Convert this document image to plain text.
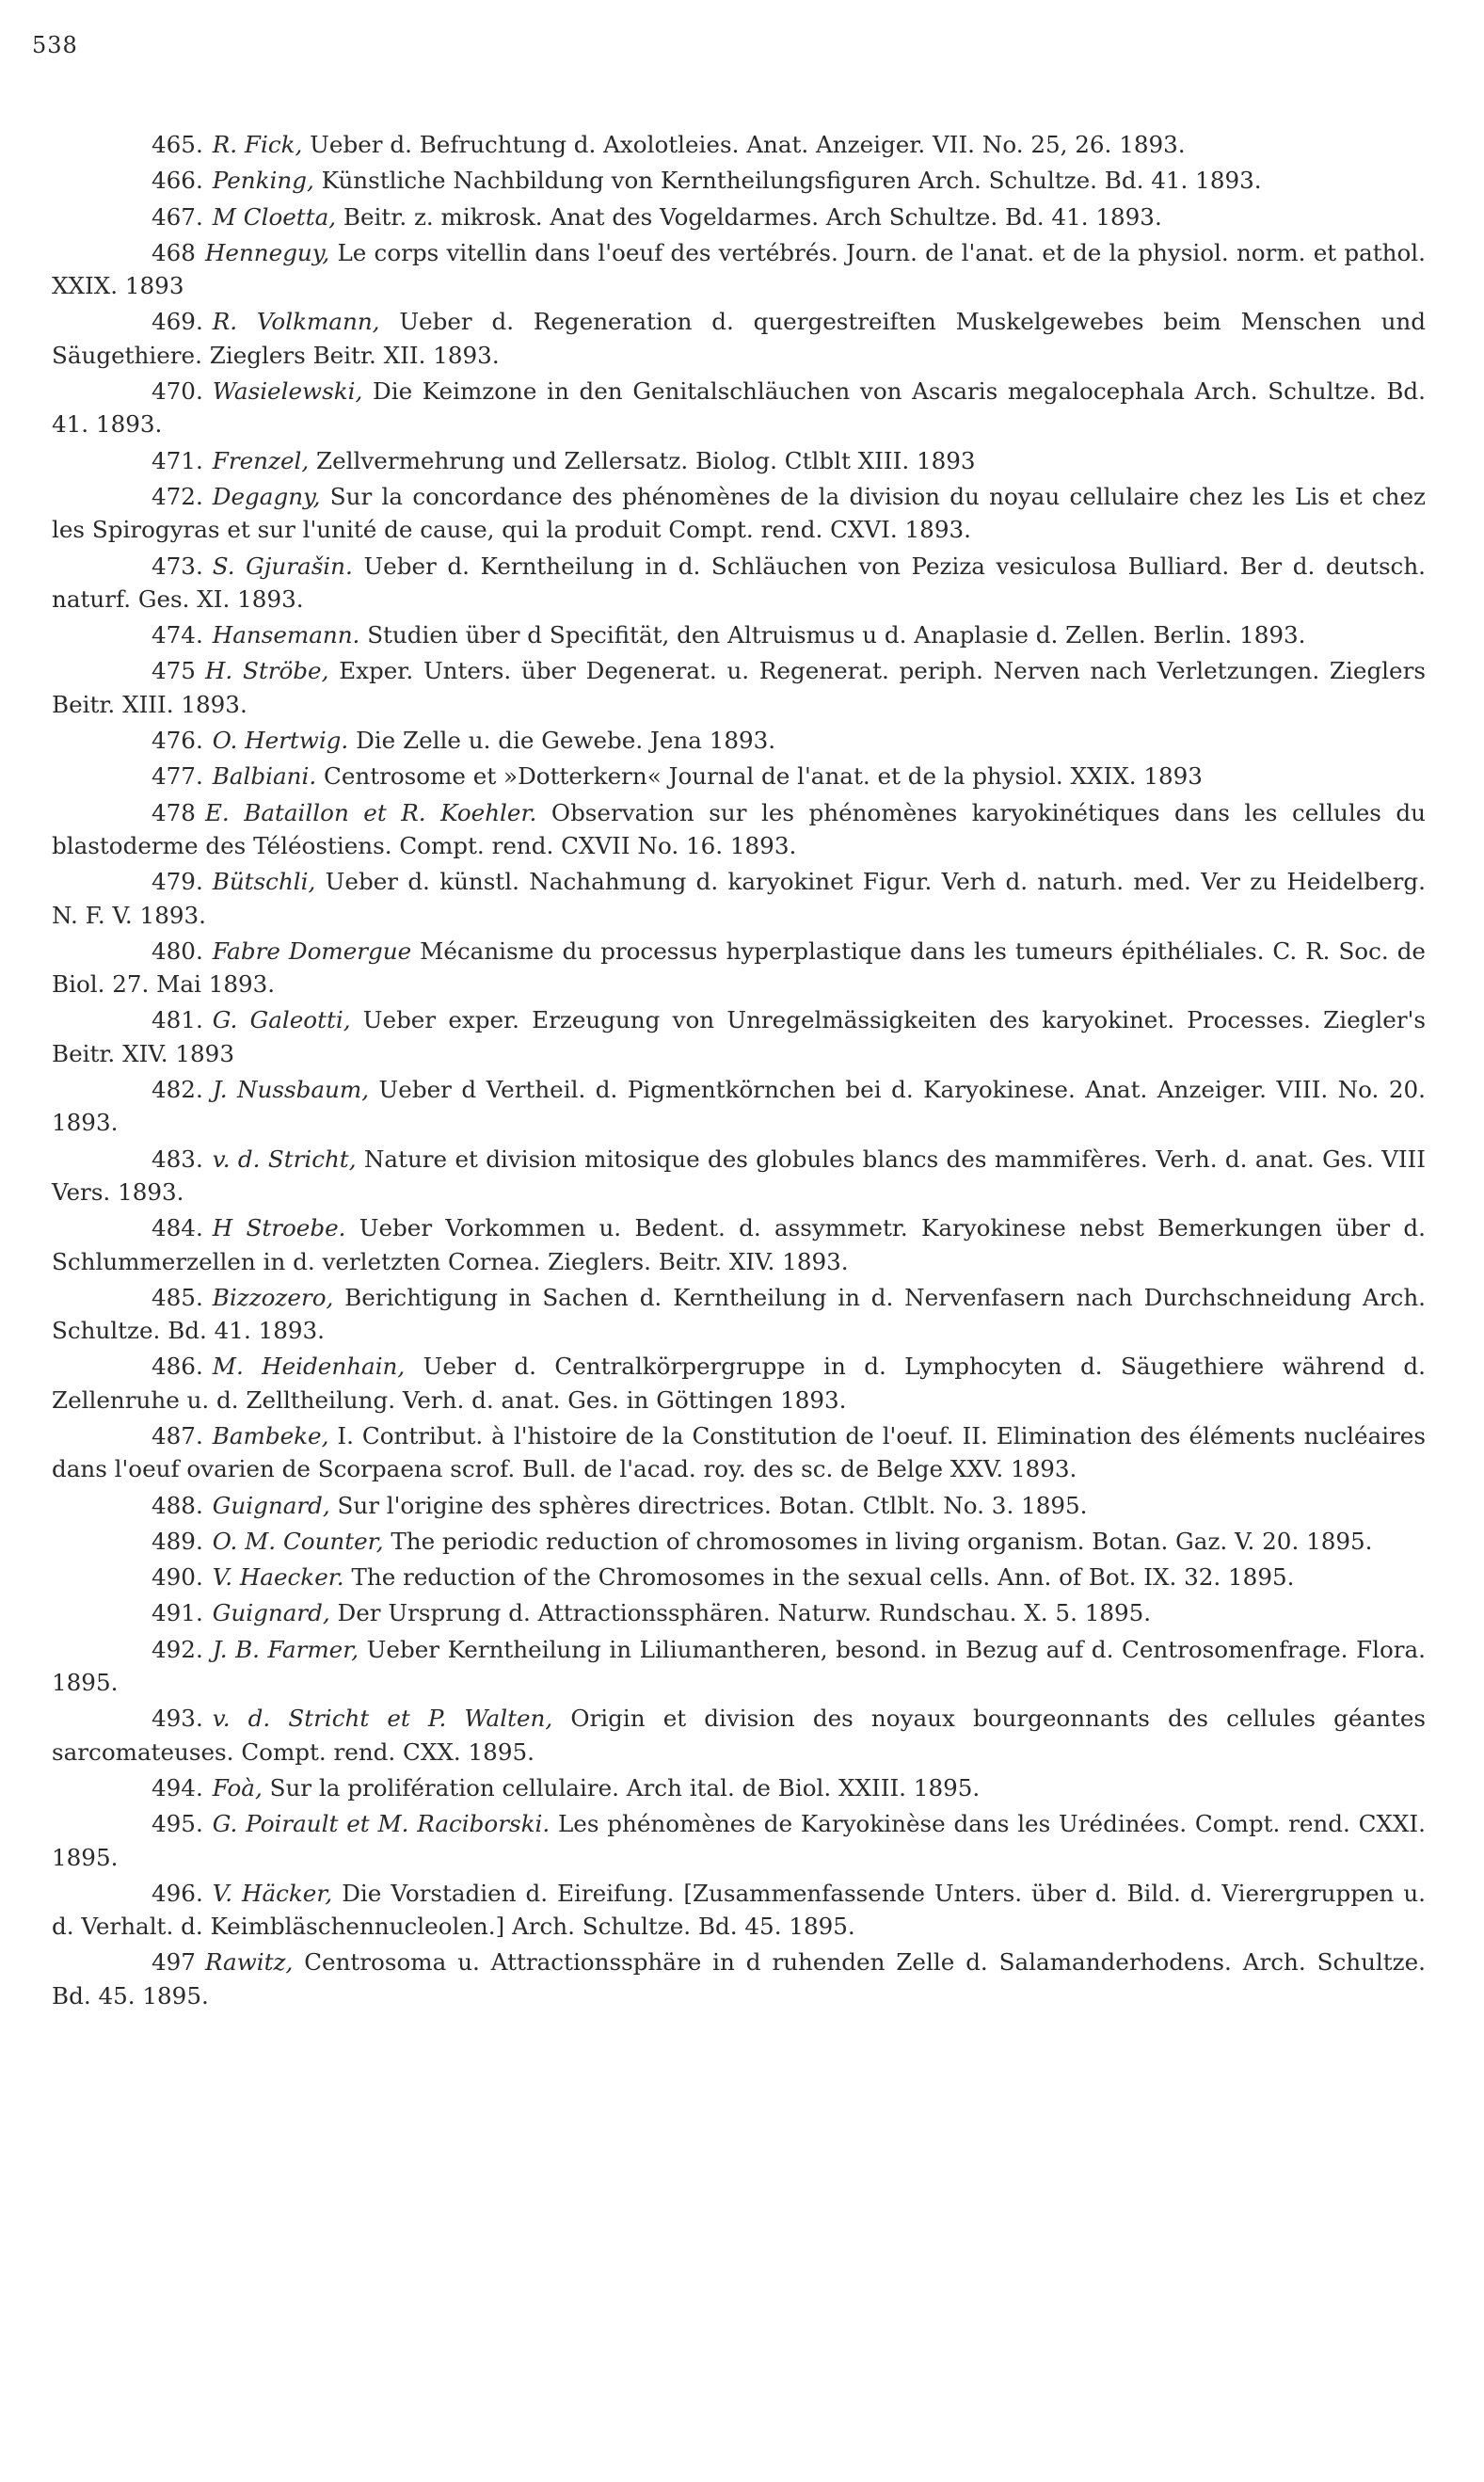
538

465. R. Fick, Ueber d. Befruchtung d. Axolotleies. Anat. Anzeiger. VII. No. 25, 26. 1893.

466. Penking, Künstliche Nachbildung von Kerntheilungsfiguren Arch. Schultze. Bd. 41. 1893.

467. M Cloetta, Beitr. z. mikrosk. Anat des Vogeldarmes. Arch Schultze. Bd. 41. 1893.

468 Henneguy, Le corps vitellin dans l'oeuf des vertébrés. Journ. de l'anat. et de la physiol. norm. et pathol. XXIX. 1893

469. R. Volkmann, Ueber d. Regeneration d. quergestreiften Muskelgewebes beim Menschen und Säugethiere. Zieglers Beitr. XII. 1893.

470. Wasielewski, Die Keimzone in den Genitalschläuchen von Ascaris megalocephala Arch. Schultze. Bd. 41. 1893.

471. Frenzel, Zellvermehrung und Zellersatz. Biolog. Ctlblt XIII. 1893

472. Degagny, Sur la concordance des phénomènes de la division du noyau cellulaire chez les Lis et chez les Spirogyras et sur l'unité de cause, qui la produit Compt. rend. CXVI. 1893.

473. S. Gjurašin. Ueber d. Kerntheilung in d. Schläuchen von Peziza vesiculosa Bulliard. Ber d. deutsch. naturf. Ges. XI. 1893.

474. Hansemann. Studien über d Specifität, den Altruismus u d. Anaplasie d. Zellen. Berlin. 1893.

475 H. Ströbe, Exper. Unters. über Degenerat. u. Regenerat. periph. Nerven nach Verletzungen. Zieglers Beitr. XIII. 1893.

476. O. Hertwig. Die Zelle u. die Gewebe. Jena 1893.

477. Balbiani. Centrosome et »Dotterkern« Journal de l'anat. et de la physiol. XXIX. 1893

478 E. Bataillon et R. Koehler. Observation sur les phénomènes karyokinétiques dans les cellules du blastoderme des Téléostiens. Compt. rend. CXVII No. 16. 1893.

479. Bütschli, Ueber d. künstl. Nachahmung d. karyokinet Figur. Verh d. naturh. med. Ver zu Heidelberg. N. F. V. 1893.

480. Fabre Domergue Mécanisme du processus hyperplastique dans les tumeurs épithéliales. C. R. Soc. de Biol. 27. Mai 1893.

481. G. Galeotti, Ueber exper. Erzeugung von Unregelmässigkeiten des karyokinet. Processes. Ziegler's Beitr. XIV. 1893

482. J. Nussbaum, Ueber d Vertheil. d. Pigmentkörnchen bei d. Karyokinese. Anat. Anzeiger. VIII. No. 20. 1893.

483. v. d. Stricht, Nature et division mitosique des globules blancs des mammifères. Verh. d. anat. Ges. VIII Vers. 1893.

484. H Stroebe. Ueber Vorkommen u. Bedent. d. assymmetr. Karyokinese nebst Bemerkungen über d. Schlummerzellen in d. verletzten Cornea. Zieglers. Beitr. XIV. 1893.

485. Bizzozero, Berichtigung in Sachen d. Kerntheilung in d. Nervenfasern nach Durchschneidung Arch. Schultze. Bd. 41. 1893.

486. M. Heidenhain, Ueber d. Centralkörpergruppe in d. Lymphocyten d. Säugethiere während d. Zellenruhe u. d. Zelltheilung. Verh. d. anat. Ges. in Göttingen 1893.

487. Bambeke, I. Contribut. à l'histoire de la Constitution de l'oeuf. II. Elimination des éléments nucléaires dans l'oeuf ovarien de Scorpaena scrof. Bull. de l'acad. roy. des sc. de Belge XXV. 1893.

488. Guignard, Sur l'origine des sphères directrices. Botan. Ctlblt. No. 3. 1895.

489. O. M. Counter, The periodic reduction of chromosomes in living organism. Botan. Gaz. V. 20. 1895.

490. V. Haecker. The reduction of the Chromosomes in the sexual cells. Ann. of Bot. IX. 32. 1895.

491. Guignard, Der Ursprung d. Attractionssphären. Naturw. Rundschau. X. 5. 1895.

492. J. B. Farmer, Ueber Kerntheilung in Liliumantheren, besond. in Bezug auf d. Centrosomenfrage. Flora. 1895.

493. v. d. Stricht et P. Walten, Origin et division des noyaux bourgeonnants des cellules géantes sarcomateuses. Compt. rend. CXX. 1895.

494. Foà, Sur la prolifération cellulaire. Arch ital. de Biol. XXIII. 1895.

495. G. Poirault et M. Raciborski. Les phénomènes de Karyokinèse dans les Urédinées. Compt. rend. CXXI. 1895.

496. V. Häcker, Die Vorstadien d. Eireifung. [Zusammenfassende Unters. über d. Bild. d. Vierergruppen u. d. Verhalt. d. Keimbläschennucleolen.] Arch. Schultze. Bd. 45. 1895.

497 Rawitz, Centrosoma u. Attractionssphäre in d ruhenden Zelle d. Salamanderhodens. Arch. Schultze. Bd. 45. 1895.
